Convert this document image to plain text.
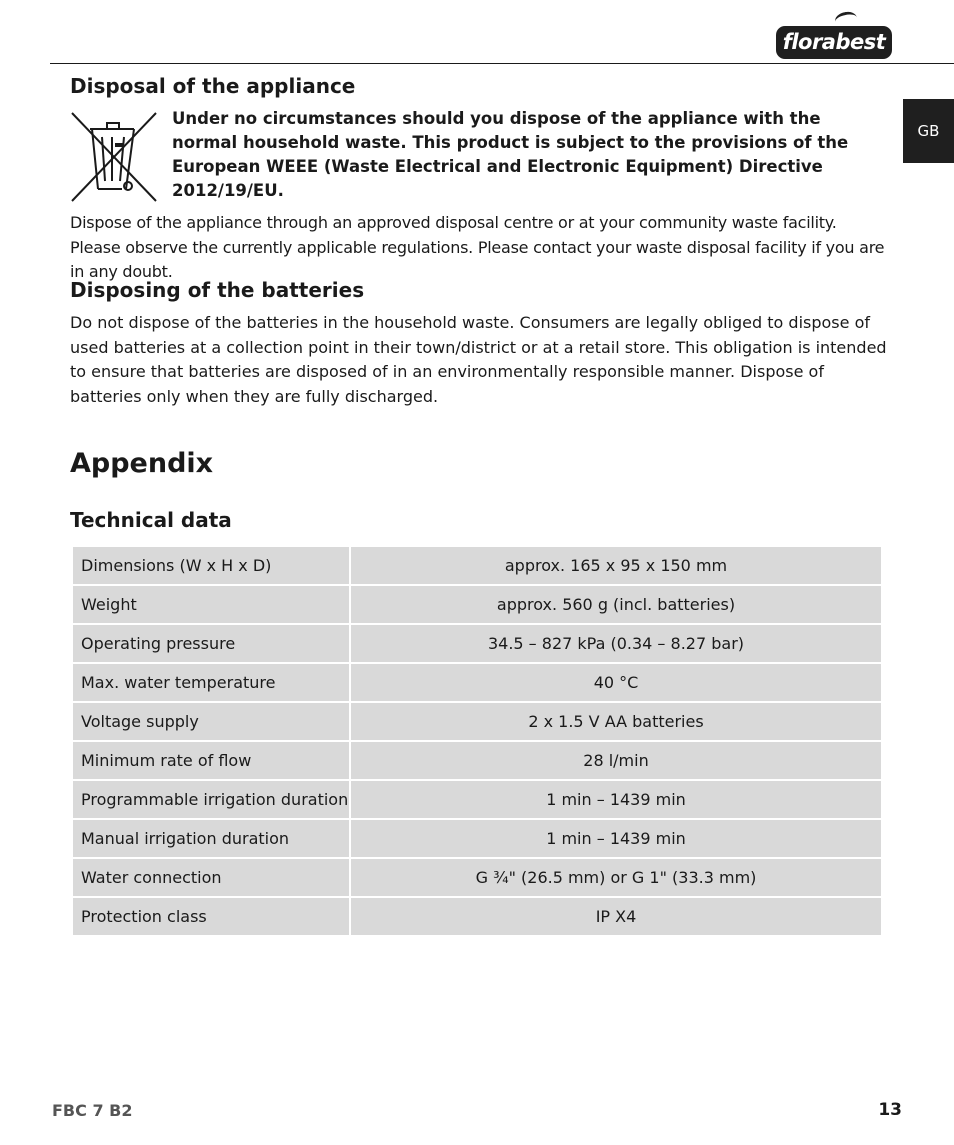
florabest
GB
Disposal of the appliance
Under no circumstances should you dispose of the appliance with the normal household waste. This product is subject to the provisions of the European WEEE (Waste Electrical and Electronic Equipment) Directive 2012/19/EU.
Dispose of the appliance through an approved disposal centre or at your community waste facility. Please observe the currently applicable regulations. Please contact your waste disposal facility if you are in any doubt.
Disposing of the batteries
Do not dispose of the batteries in the household waste. Consumers are legally obliged to dispose of used batteries at a collection point in their town/district or at a retail store. This obligation is intended to ensure that batteries are disposed of in an environmentally responsible manner. Dispose of batteries only when they are fully discharged.
Appendix
Technical data
Dimensions (W x H x D)	approx. 165 x 95 x 150 mm
Weight	approx. 560 g (incl. batteries)
Operating pressure	34.5 – 827 kPa (0.34 – 8.27 bar)
Max. water temperature	40 °C
Voltage supply	2 x 1.5 V AA batteries
Minimum rate of flow	28 l/min
Programmable irrigation duration	1 min – 1439 min
Manual irrigation duration	1 min – 1439 min
Water connection	G ¾" (26.5 mm) or G 1" (33.3 mm)
Protection class	IP X4
FBC 7 B2	13
